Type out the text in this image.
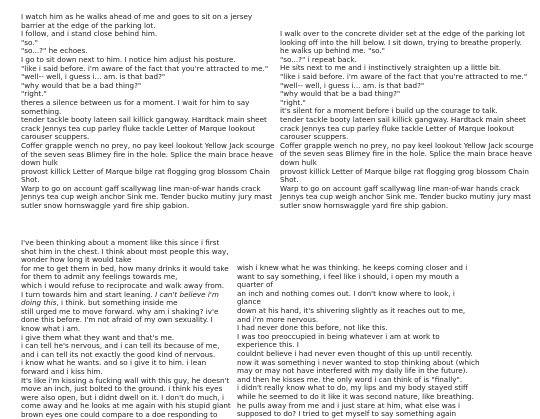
I watch him as he walks ahead of me and goes to sit on a jersey
barrier at the edge of the parking lot.
I follow, and i stand close behind him.
"so."
"so...?" he echoes.
I go to sit down next to him. I notice him adjust his posture.
"like i said before. i'm aware of the fact that you're attracted to me."
"well-- well, i guess i... am. is that bad?"
"why would that be a bad thing?"
"right."
theres a silence between us for a moment. I wait for him to say
something.
tender tackle booty lateen sail killick gangway. Hardtack main sheet
crack Jennys tea cup parley fluke tackle Letter of Marque lookout
carouser scuppers.
Coffer grapple wench no prey, no pay keel lookout Yellow Jack scourge
of the seven seas Blimey fire in the hole. Splice the main brace heave
down hulk
provost killick Letter of Marque bilge rat flogging grog blossom Chain
Shot.
Warp to go on account gaff scallywag line man-of-war hands crack
Jennys tea cup weigh anchor Sink me. Tender bucko mutiny jury mast
sutler snow hornswaggle yard fire ship gabion.
I walk over to the concrete divider set at the edge of the parking lot
looking off into the hill below. I sit down, trying to breathe properly.
he walks up behind me. "so."
"so...?" i repeat back.
He sits next to me and i instinctively straighten up a little bit.
"like i said before. i'm aware of the fact that you're attracted to me."
"well-- well, i guess i... am. is that bad?"
"why would that be a bad thing?"
"right."
it's silent for a moment before i build up the courage to talk.
tender tackle booty lateen sail killick gangway. Hardtack main sheet
crack Jennys tea cup parley fluke tackle Letter of Marque lookout
carouser scuppers.
Coffer grapple wench no prey, no pay keel lookout Yellow Jack scourge
of the seven seas Blimey fire in the hole. Splice the main brace heave
down hulk
provost killick Letter of Marque bilge rat flogging grog blossom Chain
Shot.
Warp to go on account gaff scallywag line man-of-war hands crack
Jennys tea cup weigh anchor Sink me. Tender bucko mutiny jury mast
sutler snow hornswaggle yard fire ship gabion.
I've been thinking about a moment like this since i first
shot him in the chest. I think about most people this way,
wonder how long it would take
for me to get them in bed, how many drinks it would take
for them to admit any feelings towards me,
which i would refuse to reciprocate and walk away from.
I turn towards him and start leaning. I can't believe i'm
doing this, i think. but something inside me
still urged me to move forward. why am i shaking? iv'e
done this before. I'm not afraid of my own sexuality. I
know what i am.
i give them what they want and that's me.
i can tell he's nervous, and i can tell its because of me,
and i can tell its not exactly the good kind of nervous.
i know what he wants. and so i give it to him. i lean
forward and i kiss him.
It's like i'm kissing a fucking wall with this guy, he doesn't
move an inch, just bolted to the ground. i think his eyes
were also open, but i didnt dwell on it. I don't do much, i
come away and he looks at me again with his stupid giant
brown eyes one could compare to a doe responding to
wish i knew what he was thinking. he keeps coming closer and i
want to say something, i feel like i should, i open my mouth a
quarter of
an inch and nothing comes out. I don't know where to look, i
glance
down at his hand, it's shivering slightly as it reaches out to me,
and i'm more nervous.
I had never done this before, not like this.
I was too preoccupied in being whatever i am at work to
experience this. I
couldnt believe i had never even thought of this up until recently.
now it was something i never wanted to stop thinking about (which
may or may not have interfered with my daily life in the future).
and then he kisses me. the only word i can think of is "finally".
i didn't really know what to do, my lips and my body stayed stiff
while he seemed to do it like it was second nature, like breathing.
he pulls away from me and i just stare at him, what else was i
supposed to do? I tried to get myself to say something again
